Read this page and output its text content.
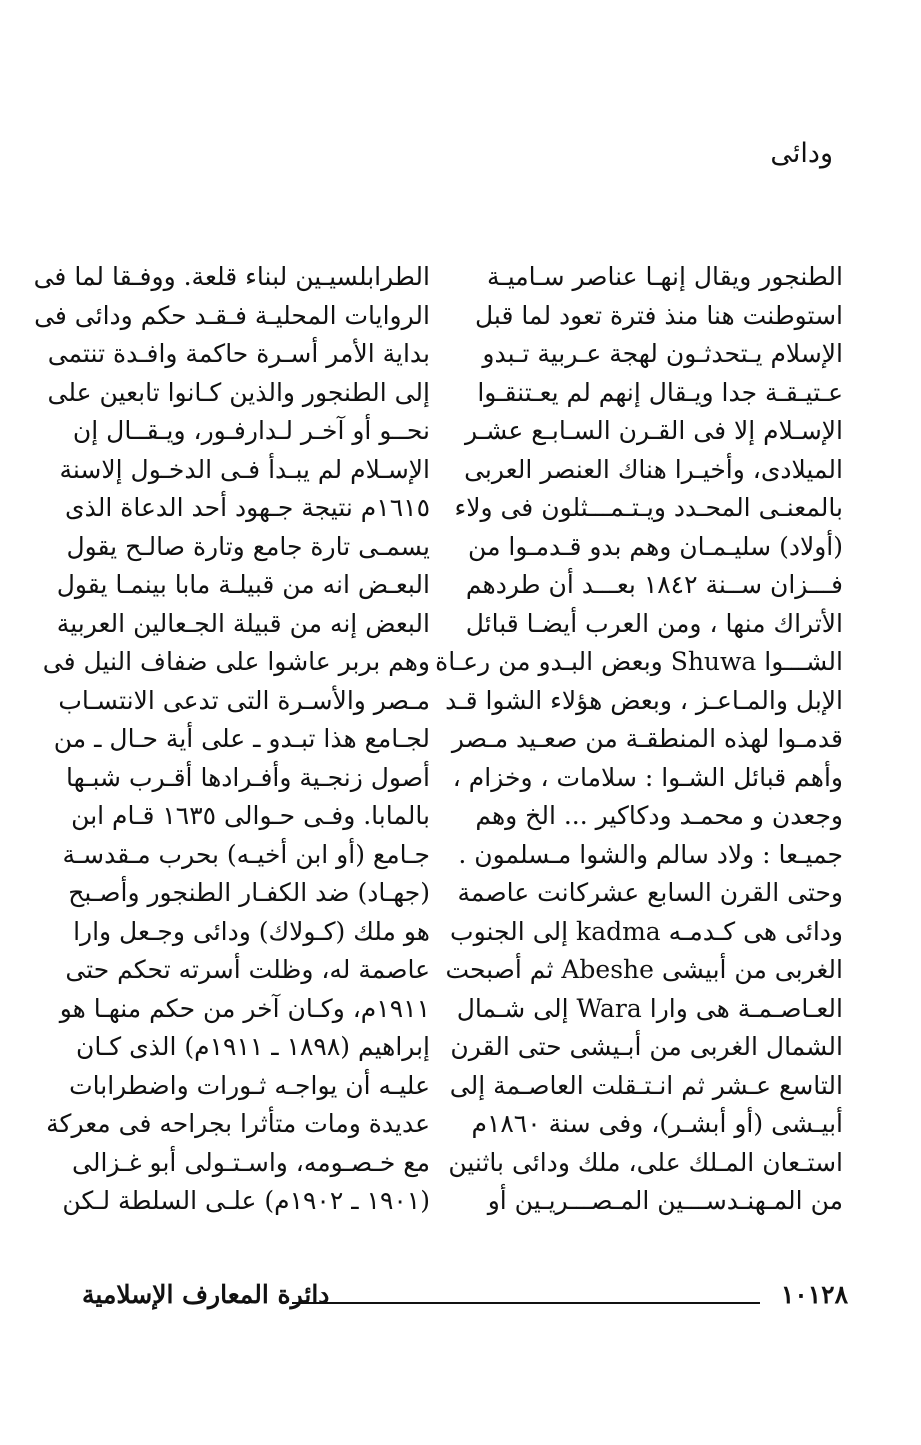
ودائى
الطنجور ويقال إنهـا عناصر سـاميـة
استوطنت هنا منذ فترة تعود لما قبل
الإسلام يـتحدثـون لهجة عـربية تـبدو
عـتيـقـة جدا ويـقال إنهم لم يعـتنقـوا
الإسـلام إلا فى القـرن السـابـع عشـر
الميلادى، وأخيـرا هناك العنصر العربى
بالمعنـى المحـدد ويـتـمـــثلون فى ولاء
(أولاد) سليـمـان وهم بدو قـدمـوا من
فـــزان ســنة ١٨٤٢ بعـــد أن طردهم
الأتراك منها ، ومن العرب أيضـا قبائل
الشـــوا Shuwa وبعض البـدو من رعـاة
الإبل والمـاعـز ، وبعض هؤلاء الشوا قـد
قدمـوا لهذه المنطقـة من صعـيد مـصر
وأهم قبائل الشـوا : سلامات ، وخزام ،
وجعدن و محمـد ودكاكير ... الخ وهم
جميـعا : ولاد سالم والشوا مـسلمون .
وحتى القرن السابع عشركانت عاصمة
ودائى هى كـدمـه kadma إلى الجنوب
الغربى من أبيشى Abeshe ثم أصبحت
العـاصـمـة هى وارا Wara إلى شـمال
الشمال الغربى من أبـيشى حتى القرن
التاسع عـشر ثم انـتـقلت العاصـمة إلى
أبيـشى (أو أبشـر)، وفى سنة ١٨٦٠م
استـعان المـلك على، ملك ودائى باثنين
من المـهنـدســـين المـصـــريـين أو
الطرابلسيـين لبناء قلعة. ووفـقا لما فى
الروايات المحليـة فـقـد حكم ودائى فى
بداية الأمر أسـرة حاكمة وافـدة تنتمى
إلى الطنجور والذين كـانوا تابعين على
نحــو أو آخـر لـدارفـور، ويـقــال إن
الإسـلام لم يبـدأ فـى الدخـول إلاسنة
١٦١٥م نتيجة جـهود أحد الدعاة الذى
يسمـى تارة جامع وتارة صالـح يقول
البعـض انه من قبيلـة مابا بينمـا يقول
البعض إنه من قبيلة الجـعالين العربية
وهم بربر عاشوا على ضفاف النيل فى
مـصر والأسـرة التى تدعى الانتسـاب
لجـامع هذا تبـدو ـ على أية حـال ـ من
أصول زنجـية وأفـرادها أقـرب شبـها
بالمابا. وفـى حـوالى ١٦٣٥ قـام ابن
جـامع (أو ابن أخيـه) بحرب مـقدسـة
(جهـاد) ضد الكفـار الطنجور وأصـبح
هو ملك (كـولاك) ودائى وجـعل وارا
عاصمة له، وظلت أسرته تحكم حتى
١٩١١م، وكـان آخر من حكم منهـا هو
إبراهيم (١٨٩٨ ـ ١٩١١م) الذى كـان
عليـه أن يواجـه ثـورات واضطرابات
عديدة ومات متأثرا بجراحه فى معركة
مع خـصـومه، واسـتـولى أبو غـزالى
(١٩٠١ ـ ١٩٠٢م) علـى السلطة لـكن
١٠١٢٨
دائرة المعارف الإسلامية
